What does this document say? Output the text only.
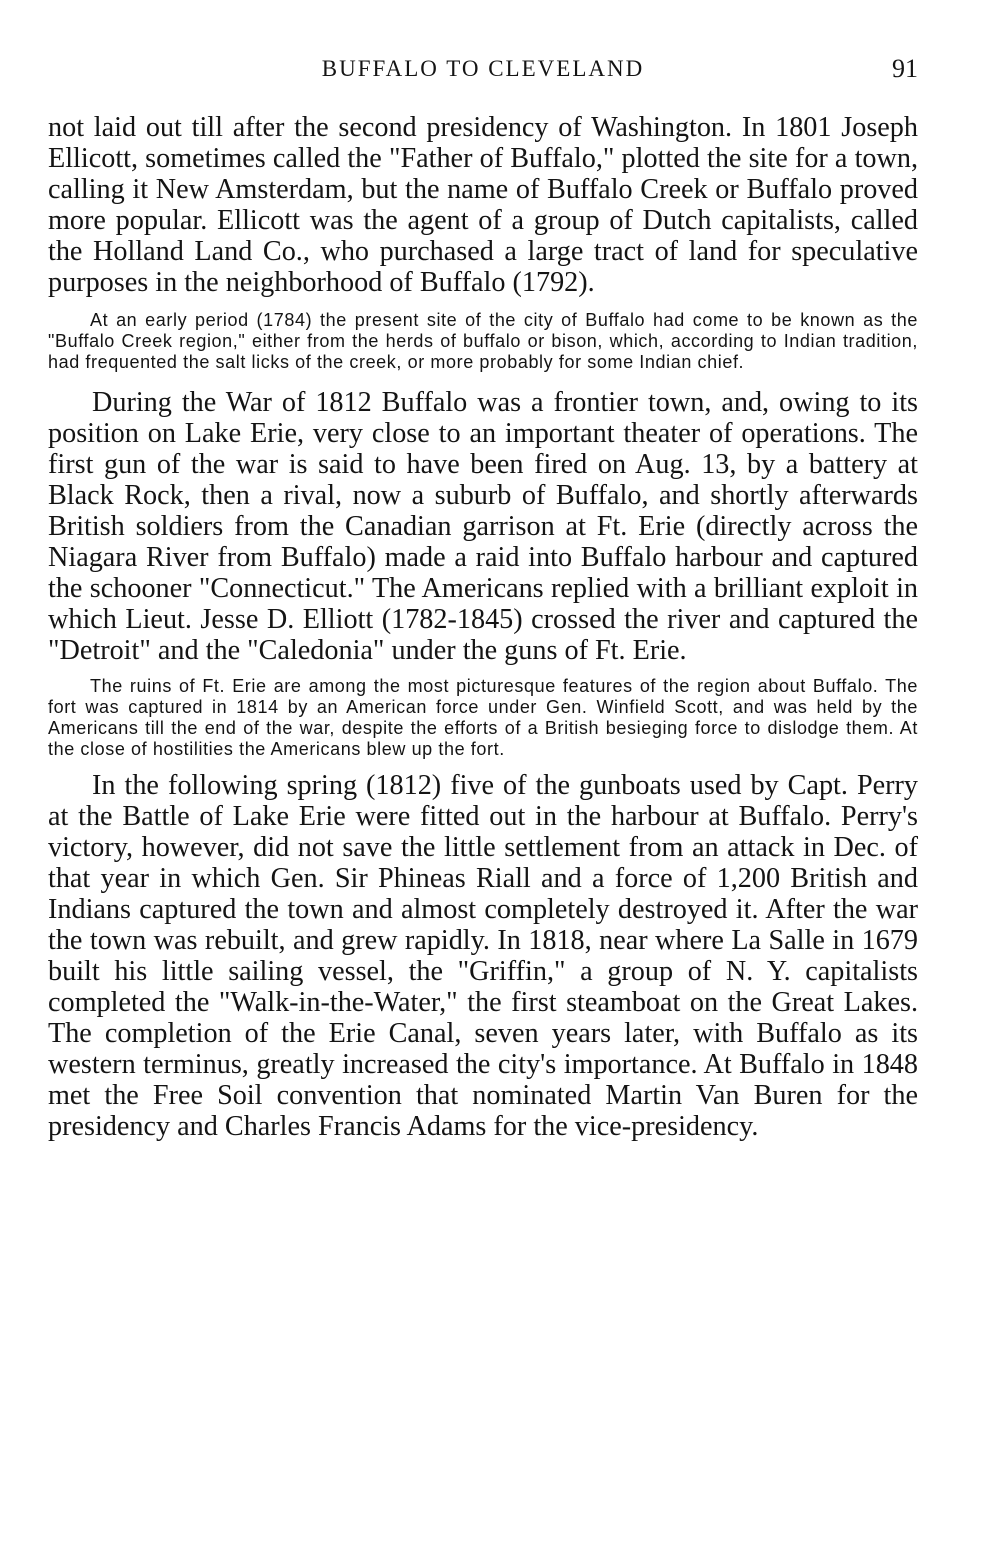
BUFFALO TO CLEVELAND	91

not laid out till after the second presidency of Washington. In 1801 Joseph Ellicott, sometimes called the "Father of Buffalo," plotted the site for a town, calling it New Amsterdam, but the name of Buffalo Creek or Buffalo proved more popular. Ellicott was the agent of a group of Dutch capitalists, called the Holland Land Co., who purchased a large tract of land for speculative purposes in the neighborhood of Buffalo (1792).

At an early period (1784) the present site of the city of Buffalo had come to be known as the "Buffalo Creek region," either from the herds of buffalo or bison, which, according to Indian tradition, had frequented the salt licks of the creek, or more probably for some Indian chief.

During the War of 1812 Buffalo was a frontier town, and, owing to its position on Lake Erie, very close to an important theater of operations. The first gun of the war is said to have been fired on Aug. 13, by a battery at Black Rock, then a rival, now a suburb of Buffalo, and shortly afterwards British soldiers from the Canadian garrison at Ft. Erie (directly across the Niagara River from Buffalo) made a raid into Buffalo harbour and captured the schooner "Connecticut." The Americans replied with a brilliant exploit in which Lieut. Jesse D. Elliott (1782-1845) crossed the river and captured the "Detroit" and the "Caledonia" under the guns of Ft. Erie.

The ruins of Ft. Erie are among the most picturesque features of the region about Buffalo. The fort was captured in 1814 by an American force under Gen. Winfield Scott, and was held by the Americans till the end of the war, despite the efforts of a British besieging force to dislodge them. At the close of hostilities the Americans blew up the fort.

In the following spring (1812) five of the gunboats used by Capt. Perry at the Battle of Lake Erie were fitted out in the harbour at Buffalo. Perry's victory, however, did not save the little settlement from an attack in Dec. of that year in which Gen. Sir Phineas Riall and a force of 1,200 British and Indians captured the town and almost completely destroyed it. After the war the town was rebuilt, and grew rapidly. In 1818, near where La Salle in 1679 built his little sailing vessel, the "Griffin," a group of N. Y. capitalists completed the "Walk-in-the-Water," the first steamboat on the Great Lakes. The completion of the Erie Canal, seven years later, with Buffalo as its western terminus, greatly increased the city's importance. At Buffalo in 1848 met the Free Soil convention that nominated Martin Van Buren for the presidency and Charles Francis Adams for the vice-presidency.
